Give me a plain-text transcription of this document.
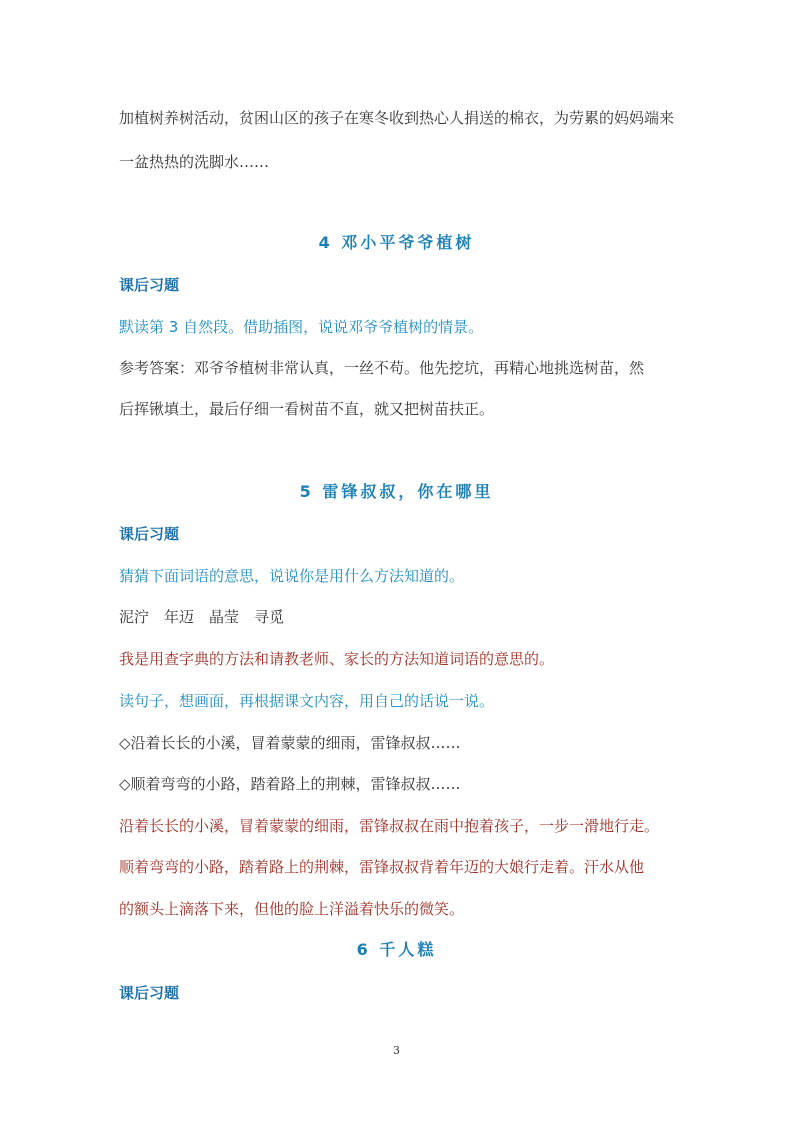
加植树养树活动，贫困山区的孩子在寒冬收到热心人捐送的棉衣，为劳累的妈妈端来
一盆热热的洗脚水……
4 邓小平爷爷植树
课后习题
默读第 3 自然段。借助插图，说说邓爷爷植树的情景。
参考答案：邓爷爷植树非常认真，一丝不苟。他先挖坑，再精心地挑选树苗，然
后挥锹填土，最后仔细一看树苗不直，就又把树苗扶正。
5 雷锋叔叔，你在哪里
课后习题
猜猜下面词语的意思，说说你是用什么方法知道的。
泥泞　年迈　晶莹　寻觅
我是用查字典的方法和请教老师、家长的方法知道词语的意思的。
读句子，想画面，再根据课文内容，用自己的话说一说。
◇沿着长长的小溪，冒着蒙蒙的细雨，雷锋叔叔……
◇顺着弯弯的小路，踏着路上的荆棘，雷锋叔叔……
沿着长长的小溪，冒着蒙蒙的细雨，雷锋叔叔在雨中抱着孩子，一步一滑地行走。
顺着弯弯的小路，踏着路上的荆棘，雷锋叔叔背着年迈的大娘行走着。汗水从他
的额头上滴落下来，但他的脸上洋溢着快乐的微笑。
6 千人糕
课后习题
3
